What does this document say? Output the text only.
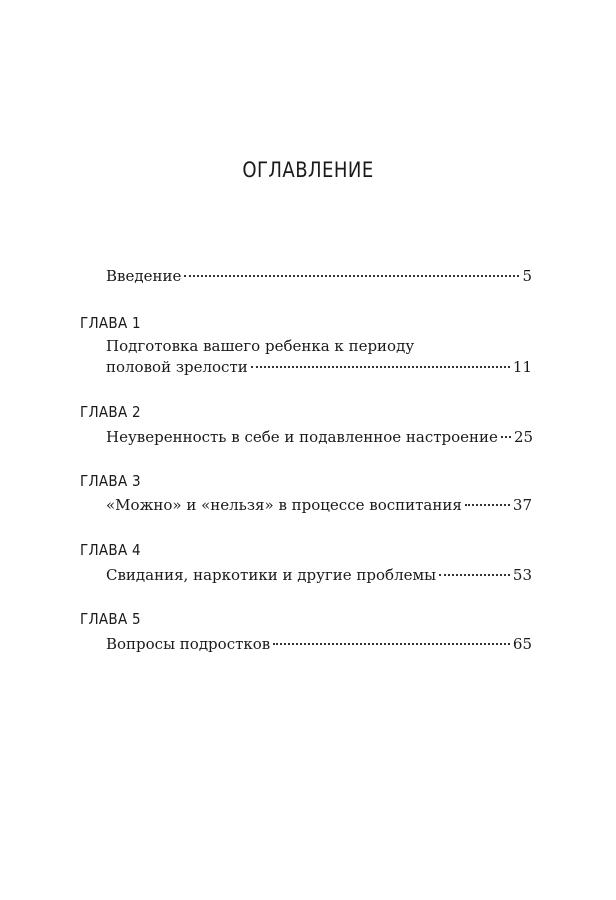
ОГЛАВЛЕНИЕ
Введение	5
ГЛАВА 1
Подготовка вашего ребенка к периоду
половой зрелости	11
ГЛАВА 2
Неуверенность в себе и подавленное настроение 25
ГЛАВА 3
«Можно» и «нельзя» в процессе воспитания	37
ГЛАВА 4
Свидания, наркотики и другие проблемы	53
ГЛАВА 5
Вопросы подростков	65
